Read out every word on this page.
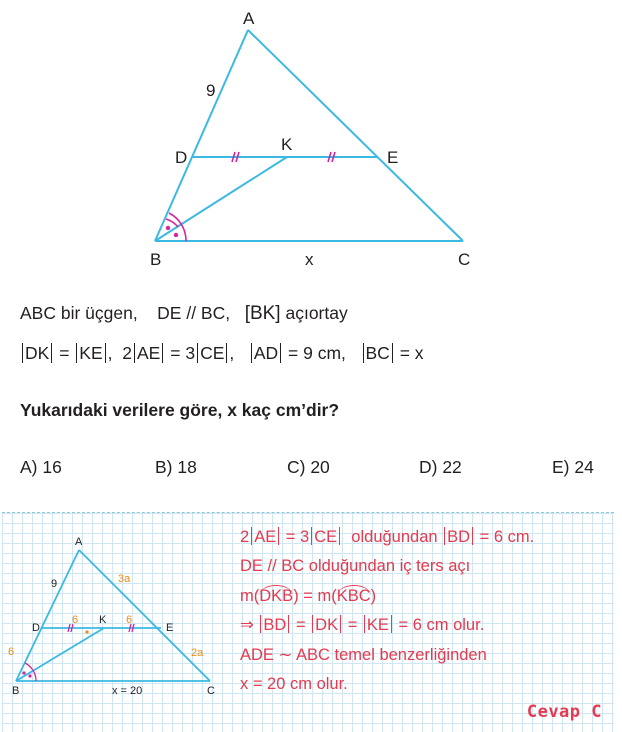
A
B	C
D	E
K
9
x
ABC bir üçgen, DE // BC, [BK] açıortay
DK = KE , 2 AE = 3 CE , AD = 9 cm, BC = x
Yukarıdaki verilere göre, x kaç cm’dir?
A) 16	B) 18	C) 20	D) 22	E) 24
A
B	C
D	E
K
9
x = 20
3a
2a
6	6
6
2 AE = 3 CE olduğundan BD = 6 cm.
DE // BC olduğundan iç ters açı
m(DKB) = m(KBC)
⇒ BD = DK = KE = 6 cm olur.
ADE ∼ ABC temel benzerliğinden
x = 20 cm olur.
Cevap C
